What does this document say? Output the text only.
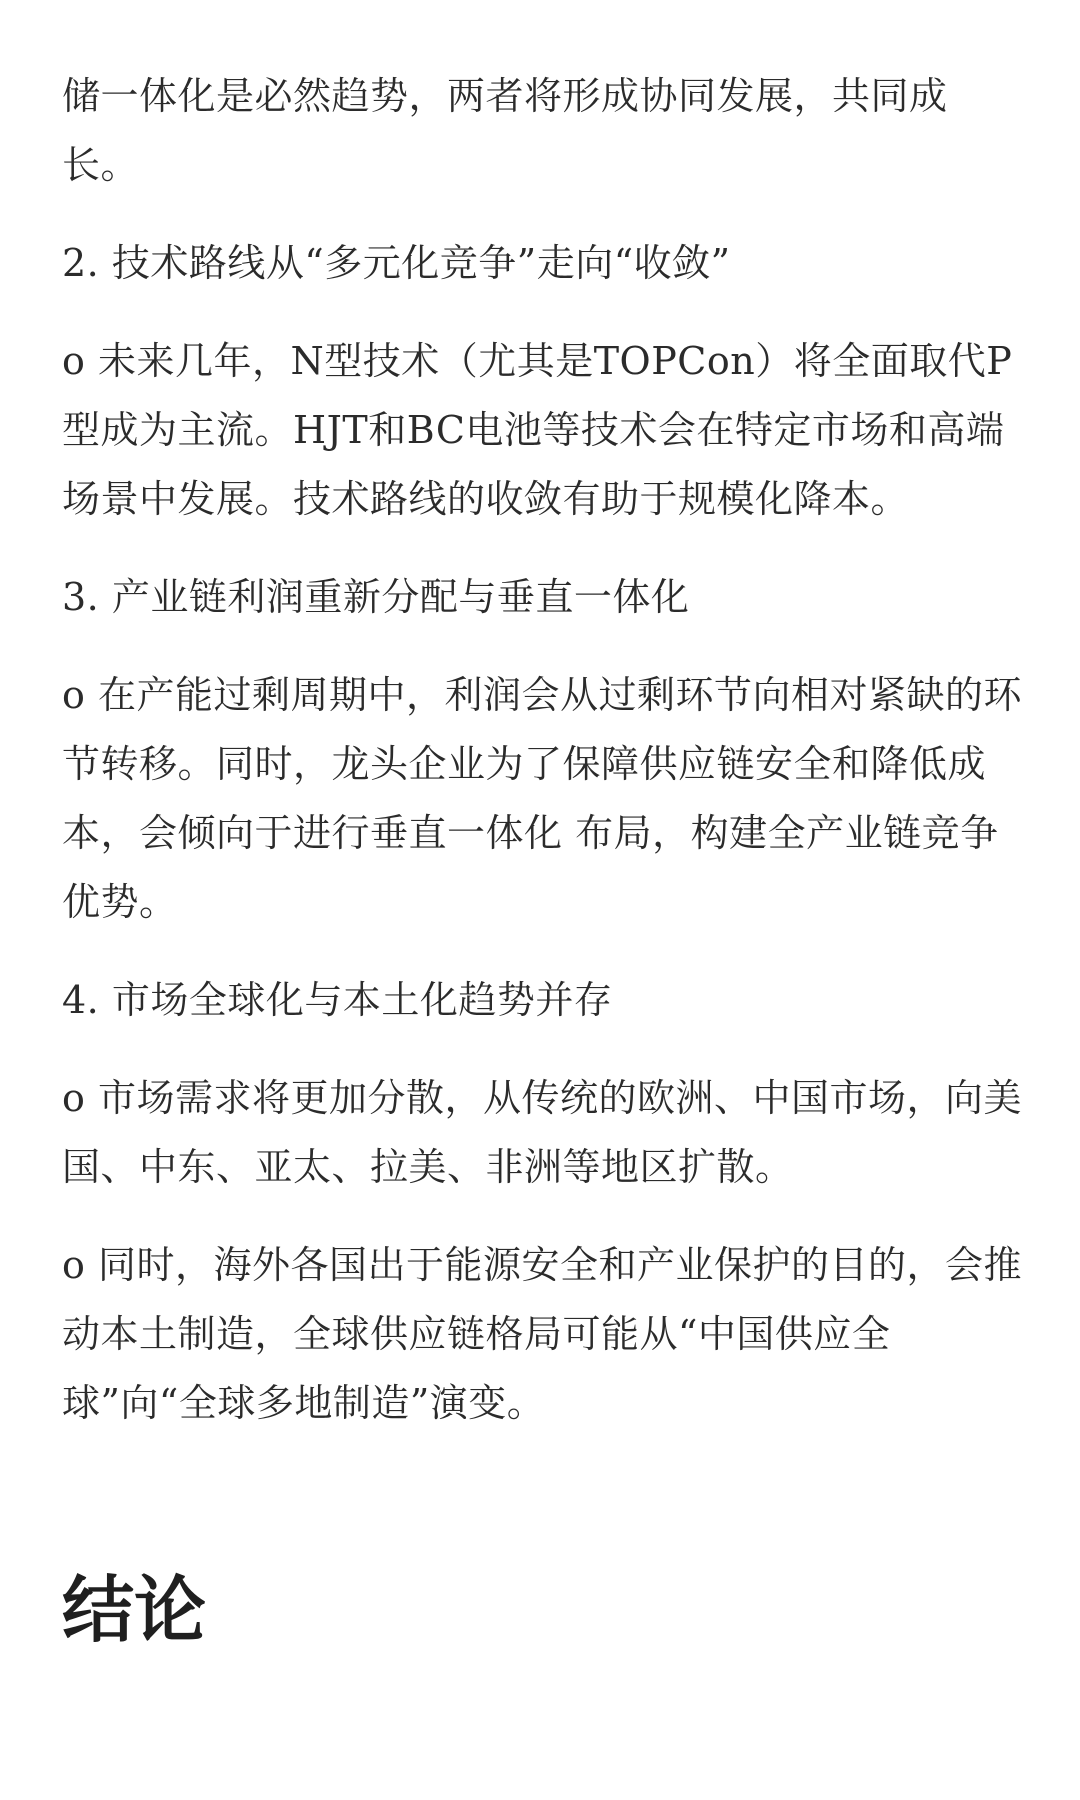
储一体化是必然趋势，两者将形成协同发展，共同成长。

2. 技术路线从“多元化竞争”走向“收敛”

o 未来几年，N型技术（尤其是TOPCon）将全面取代P型成为主流。HJT和BC电池等技术会在特定市场和高端场景中发展。技术路线的收敛有助于规模化降本。

3. 产业链利润重新分配与垂直一体化

o 在产能过剩周期中，利润会从过剩环节向相对紧缺的环节转移。同时，龙头企业为了保障供应链安全和降低成本，会倾向于进行垂直一体化 布局，构建全产业链竞争优势。

4. 市场全球化与本土化趋势并存

o 市场需求将更加分散，从传统的欧洲、中国市场，向美国、中东、亚太、拉美、非洲等地区扩散。

o 同时，海外各国出于能源安全和产业保护的目的，会推动本土制造，全球供应链格局可能从“中国供应全球”向“全球多地制造”演变。

结论
